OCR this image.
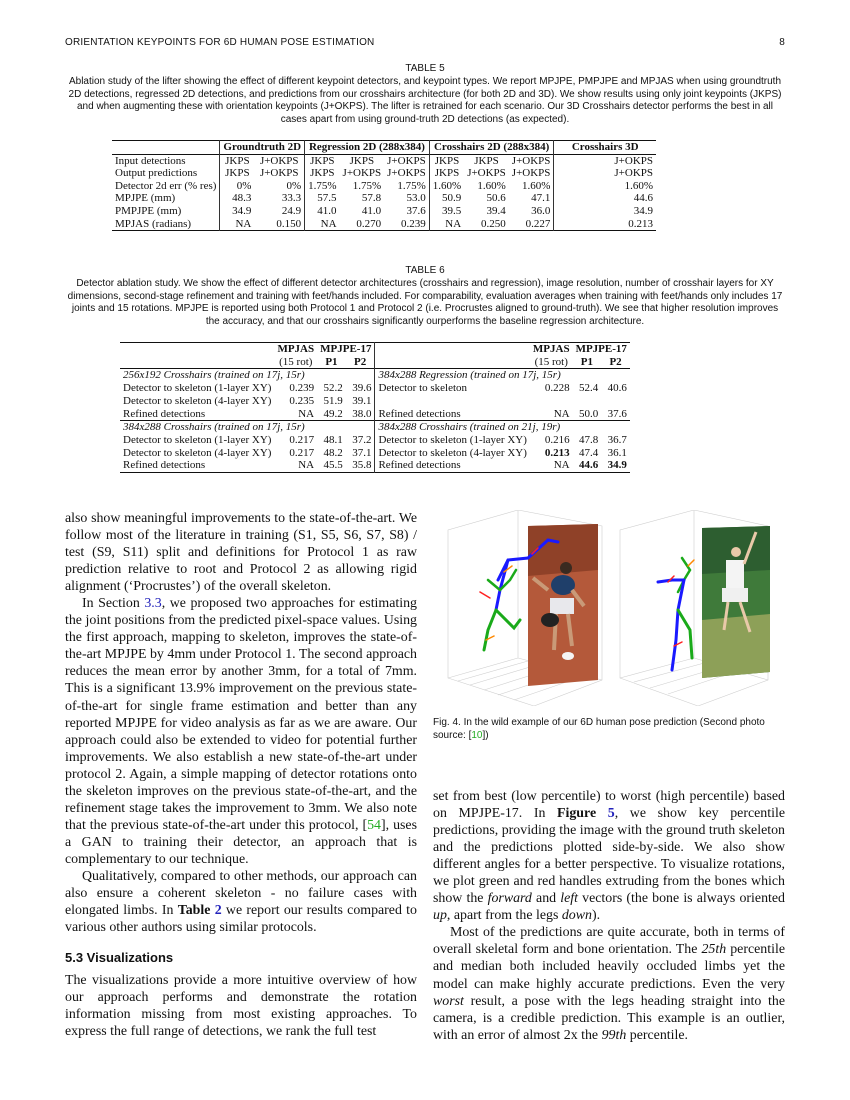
ORIENTATION KEYPOINTS FOR 6D HUMAN POSE ESTIMATION	8
TABLE 5
Ablation study of the lifter showing the effect of different keypoint detectors, and keypoint types. We report MPJPE, PMPJPE and MPJAS when using groundtruth 2D detections, regressed 2D detections, and predictions from our crosshairs architecture (for both 2D and 3D). We show results using only joint keypoints (JKPS) and when augmenting these with orientation keypoints (J+OKPS). The lifter is retrained for each scenario. Our 3D Crosshairs detector performs the best in all cases apart from using ground-truth 2D detections (as expected).
	Groundtruth 2D		Regression 2D (288x384)			Crosshairs 2D (288x384)			Crosshairs 3D
Input detections	JKPS	J+OKPS	JKPS	JKPS	J+OKPS	JKPS	JKPS	J+OKPS	J+OKPS
Output predictions	JKPS	J+OKPS	JKPS	J+OKPS	J+OKPS	JKPS	J+OKPS	J+OKPS	J+OKPS
Detector 2d err (% res)	0%	0%	1.75%	1.75%	1.75%	1.60%	1.60%	1.60%	1.60%
MPJPE (mm)	48.3	33.3	57.5	57.8	53.0	50.9	50.6	47.1	44.6
PMPJPE (mm)	34.9	24.9	41.0	41.0	37.6	39.5	39.4	36.0	34.9
MPJAS (radians)	NA	0.150	NA	0.270	0.239	NA	0.250	0.227	0.213
TABLE 6
Detector ablation study. We show the effect of different detector architectures (crosshairs and regression), image resolution, number of crosshair layers for XY dimensions, second-stage refinement and training with feet/hands included. For comparability, evaluation averages when training with feet/hands only includes 17 joints and 15 rotations. MPJPE is reported using both Protocol 1 and Protocol 2 (i.e. Procrustes aligned to ground-truth). We see that higher resolution improves the accuracy, and that our crosshairs significantly ourperforms the baseline regression architecture.
	MPJAS	MPJPE-17			MPJAS	MPJPE-17	
	(15 rot)	P1	P2		(15 rot)	P1	P2
256x192 Crosshairs (trained on 17j, 15r)				384x288 Regression (trained on 17j, 15r)			
Detector to skeleton (1-layer XY)	0.239	52.2	39.6	Detector to skeleton	0.228	52.4	40.6
Detector to skeleton (4-layer XY)	0.235	51.9	39.1				
Refined detections	NA	49.2	38.0	Refined detections	NA	50.0	37.6
384x288 Crosshairs (trained on 17j, 15r)				384x288 Crosshairs (trained on 21j, 19r)			
Detector to skeleton (1-layer XY)	0.217	48.1	37.2	Detector to skeleton (1-layer XY)	0.216	47.8	36.7
Detector to skeleton (4-layer XY)	0.217	48.2	37.1	Detector to skeleton (4-layer XY)	0.213	47.4	36.1
Refined detections	NA	45.5	35.8	Refined detections	NA	44.6	34.9

also show meaningful improvements to the state-of-the-art. We follow most of the literature in training (S1, S5, S6, S7, S8) / test (S9, S11) split and definitions for Protocol 1 as raw prediction relative to root and Protocol 2 as allowing rigid alignment (‘Procrustes’) of the overall skeleton.

In Section 3.3, we proposed two approaches for estimating the joint positions from the predicted pixel-space values. Using the first approach, mapping to skeleton, improves the state-of-the-art MPJPE by 4mm under Protocol 1. The second approach reduces the mean error by another 3mm, for a total of 7mm. This is a significant 13.9% improvement on the previous state-of-the-art for single frame estimation and better than any reported MPJPE for video analysis as far as we are aware. Our approach could also be extended to video for potential further improvements. We also establish a new state-of-the-art under protocol 2. Again, a simple mapping of detector rotations onto the skeleton improves on the previous state-of-the-art, and the refinement stage takes the improvement to 3mm. We also note that the previous state-of-the-art under this protocol, [54], uses a GAN to training their detector, an approach that is complementary to our technique.

Qualitatively, compared to other methods, our approach can also ensure a coherent skeleton - no failure cases with elongated limbs. In Table 2 we report our results compared to various other authors using similar protocols.

5.3 Visualizations

The visualizations provide a more intuitive overview of how our approach performs and demonstrate the rotation information missing from most existing approaches. To express the full range of detections, we rank the full test

Fig. 4. In the wild example of our 6D human pose prediction (Second photo source: [10])

set from best (low percentile) to worst (high percentile) based on MPJPE-17. In Figure 5, we show key percentile predictions, providing the image with the ground truth skeleton and the predictions plotted side-by-side. We also show different angles for a better perspective. To visualize rotations, we plot green and red handles extruding from the bones which show the forward and left vectors (the bone is always oriented up, apart from the legs down).

Most of the predictions are quite accurate, both in terms of overall skeletal form and bone orientation. The 25th percentile and median both included heavily occluded limbs yet the model can make highly accurate predictions. Even the very worst result, a pose with the legs heading straight into the camera, is a credible prediction. This example is an outlier, with an error of almost 2x the 99th percentile.
